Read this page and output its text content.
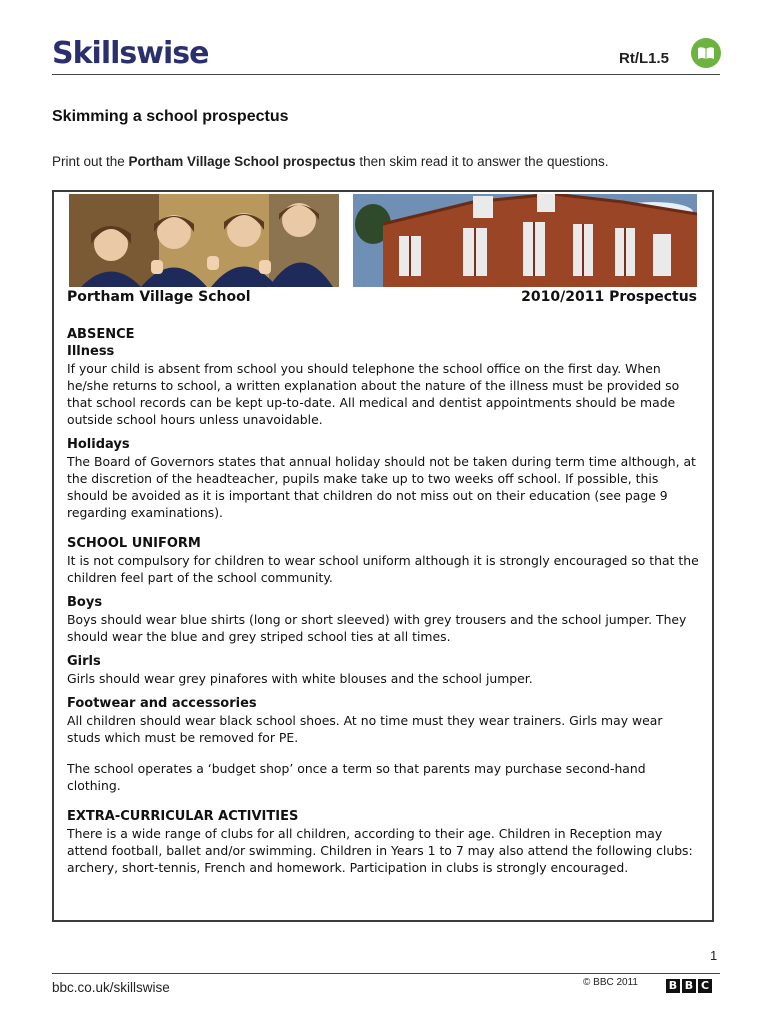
Skillswise	Rt/L1.5
Skimming a school prospectus
Print out the Portham Village School prospectus then skim read it to answer the questions.
Portham Village School	2010/2011 Prospectus
ABSENCE
Illness

If your child is absent from school you should telephone the school office on the first day. When he/she returns to school, a written explanation about the nature of the illness must be provided so that school records can be kept up-to-date. All medical and dentist appointments should be made outside school hours unless unavoidable.

Holidays

The Board of Governors states that annual holiday should not be taken during term time although, at the discretion of the headteacher, pupils make take up to two weeks off school. If possible, this should be avoided as it is important that children do not miss out on their education (see page 9 regarding examinations).

SCHOOL UNIFORM

It is not compulsory for children to wear school uniform although it is strongly encouraged so that the children feel part of the school community.

Boys

Boys should wear blue shirts (long or short sleeved) with grey trousers and the school jumper. They should wear the blue and grey striped school ties at all times.

Girls

Girls should wear grey pinafores with white blouses and the school jumper.

Footwear and accessories

All children should wear black school shoes. At no time must they wear trainers. Girls may wear studs which must be removed for PE.

The school operates a ‘budget shop’ once a term so that parents may purchase second-hand clothing.

EXTRA-CURRICULAR ACTIVITIES

There is a wide range of clubs for all children, according to their age. Children in Reception may attend football, ballet and/or swimming. Children in Years 1 to 7 may also attend the following clubs: archery, short-tennis, French and homework. Participation in clubs is strongly encouraged.

1
bbc.co.uk/skillswise	© BBC 2011	B B C
